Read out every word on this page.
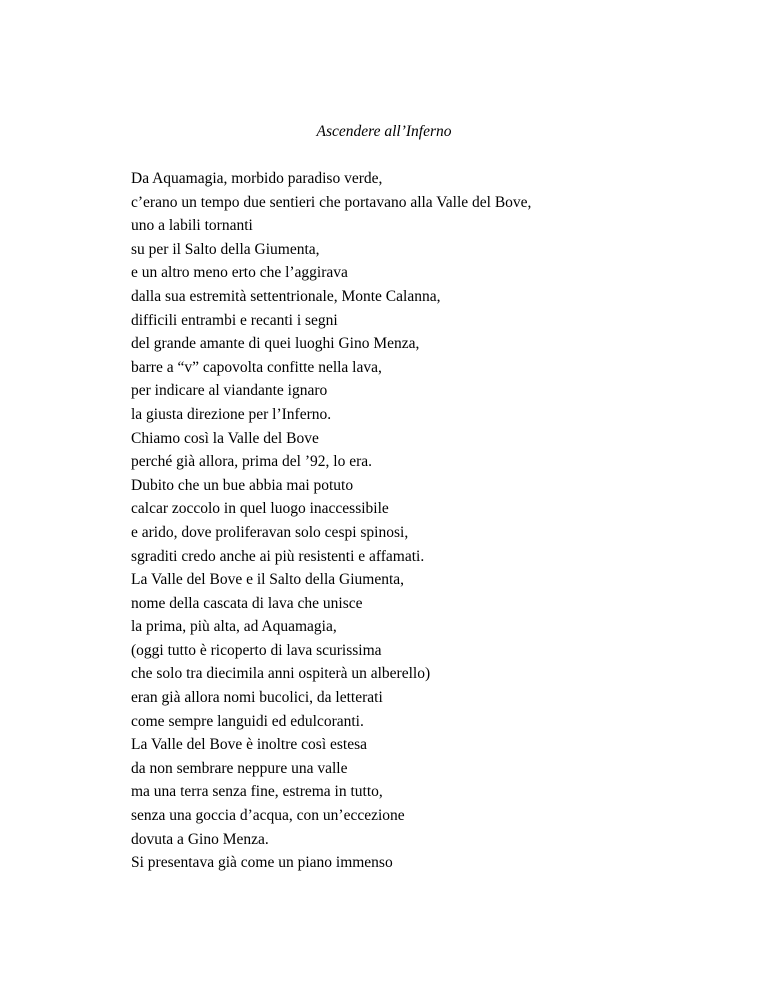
Ascendere all’Inferno
Da Aquamagia, morbido paradiso verde,
c’erano un tempo due sentieri che portavano alla Valle del Bove,
uno a labili tornanti
su per il Salto della Giumenta,
e un altro meno erto che l’aggirava
dalla sua estremità settentrionale, Monte Calanna,
difficili entrambi e recanti i segni
del grande amante di quei luoghi Gino Menza,
barre a “v” capovolta confitte nella lava,
per indicare al viandante ignaro
la giusta direzione per l’Inferno.
Chiamo così la Valle del Bove
perché già allora, prima del ’92, lo era.
Dubito che un bue abbia mai potuto
calcar zoccolo in quel luogo inaccessibile
e arido, dove proliferavan solo cespi spinosi,
sgraditi credo anche ai più resistenti e affamati.
La Valle del Bove e il Salto della Giumenta,
nome della cascata di lava che unisce
la prima, più alta, ad Aquamagia,
(oggi tutto è ricoperto di lava scurissima
che solo tra diecimila anni ospiterà un alberello)
eran già allora nomi bucolici, da letterati
come sempre languidi ed edulcoranti.
La Valle del Bove è inoltre così estesa
da non sembrare neppure una valle
ma una terra senza fine, estrema in tutto,
senza una goccia d’acqua, con un’eccezione
dovuta a Gino Menza.
Si presentava già come un piano immenso
